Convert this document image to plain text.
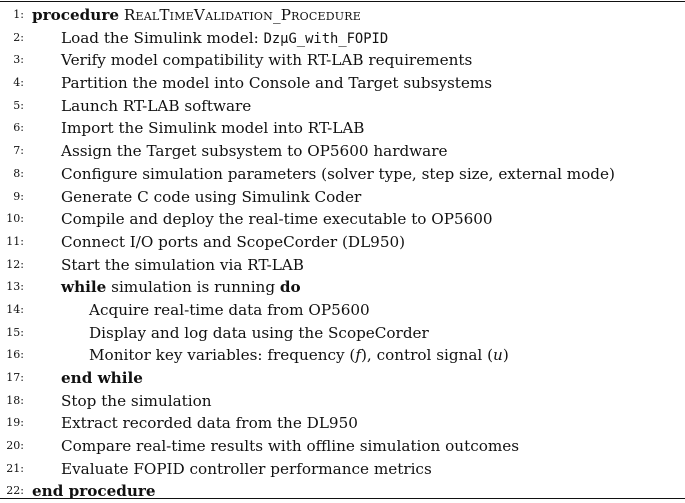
1: procedure RealTimeValidation_Procedure
2: Load the Simulink model: DzµG_with_FOPID
3: Verify model compatibility with RT-LAB requirements
4: Partition the model into Console and Target subsystems
5: Launch RT-LAB software
6: Import the Simulink model into RT-LAB
7: Assign the Target subsystem to OP5600 hardware
8: Configure simulation parameters (solver type, step size, external mode)
9: Generate C code using Simulink Coder
10: Compile and deploy the real-time executable to OP5600
11: Connect I/O ports and ScopeCorder (DL950)
12: Start the simulation via RT-LAB
13: while simulation is running do
14:	Acquire real-time data from OP5600
15:	Display and log data using the ScopeCorder
16:	Monitor key variables: frequency (f), control signal (u)
17: end while
18: Stop the simulation
19: Extract recorded data from the DL950
20: Compare real-time results with offline simulation outcomes
21: Evaluate FOPID controller performance metrics
22: end procedure
